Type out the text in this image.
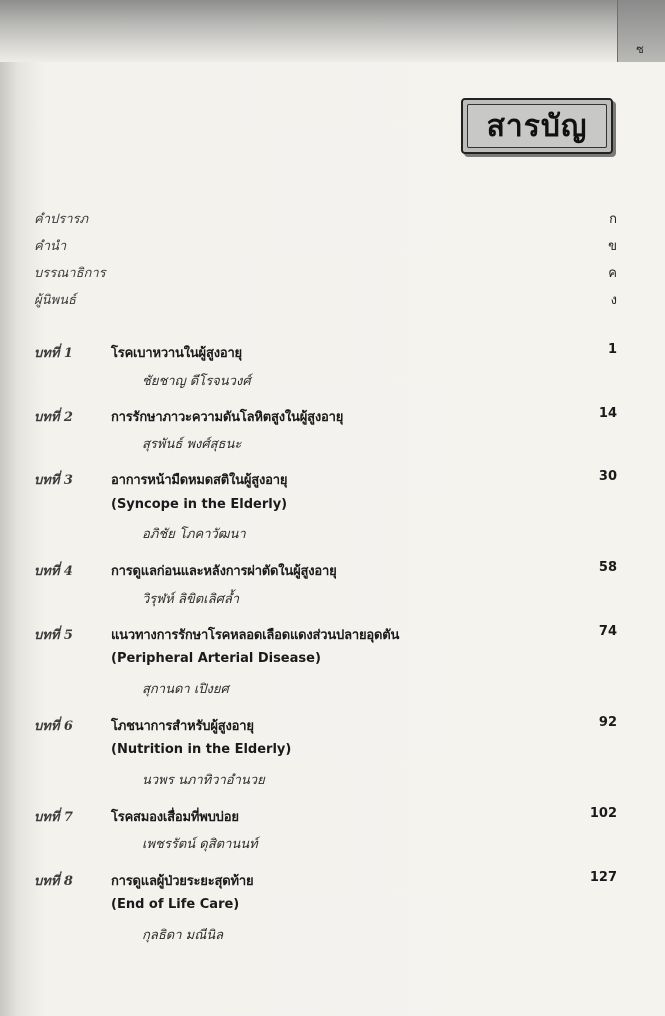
ซ
สารบัญ
คำปรารภ	ก
คำนำ	ข
บรรณาธิการ	ค
ผู้นิพนธ์	ง
บทที่ 1	โรคเบาหวานในผู้สูงอายุ	1
ชัยชาญ ดีโรจนวงศ์
บทที่ 2	การรักษาภาวะความดันโลหิตสูงในผู้สูงอายุ	14
สุรพันธ์ พงศ์สุธนะ
บทที่ 3	อาการหน้ามืดหมดสติในผู้สูงอายุ	30
(Syncope in the Elderly)
อภิชัย โภคาวัฒนา
บทที่ 4	การดูแลก่อนและหลังการผ่าตัดในผู้สูงอายุ	58
วิรุฬห์ ลิขิตเลิศล้ำ
บทที่ 5	แนวทางการรักษาโรคหลอดเลือดแดงส่วนปลายอุดตัน	74
(Peripheral Arterial Disease)
สุกานดา เปิงยศ
บทที่ 6	โภชนาการสำหรับผู้สูงอายุ	92
(Nutrition in the Elderly)
นวพร นภาทิวาอำนวย
บทที่ 7	โรคสมองเสื่อมที่พบบ่อย	102
เพชรรัตน์ ดุสิตานนท์
บทที่ 8	การดูแลผู้ป่วยระยะสุดท้าย	127
(End of Life Care)
กุลธิดา มณีนิล
